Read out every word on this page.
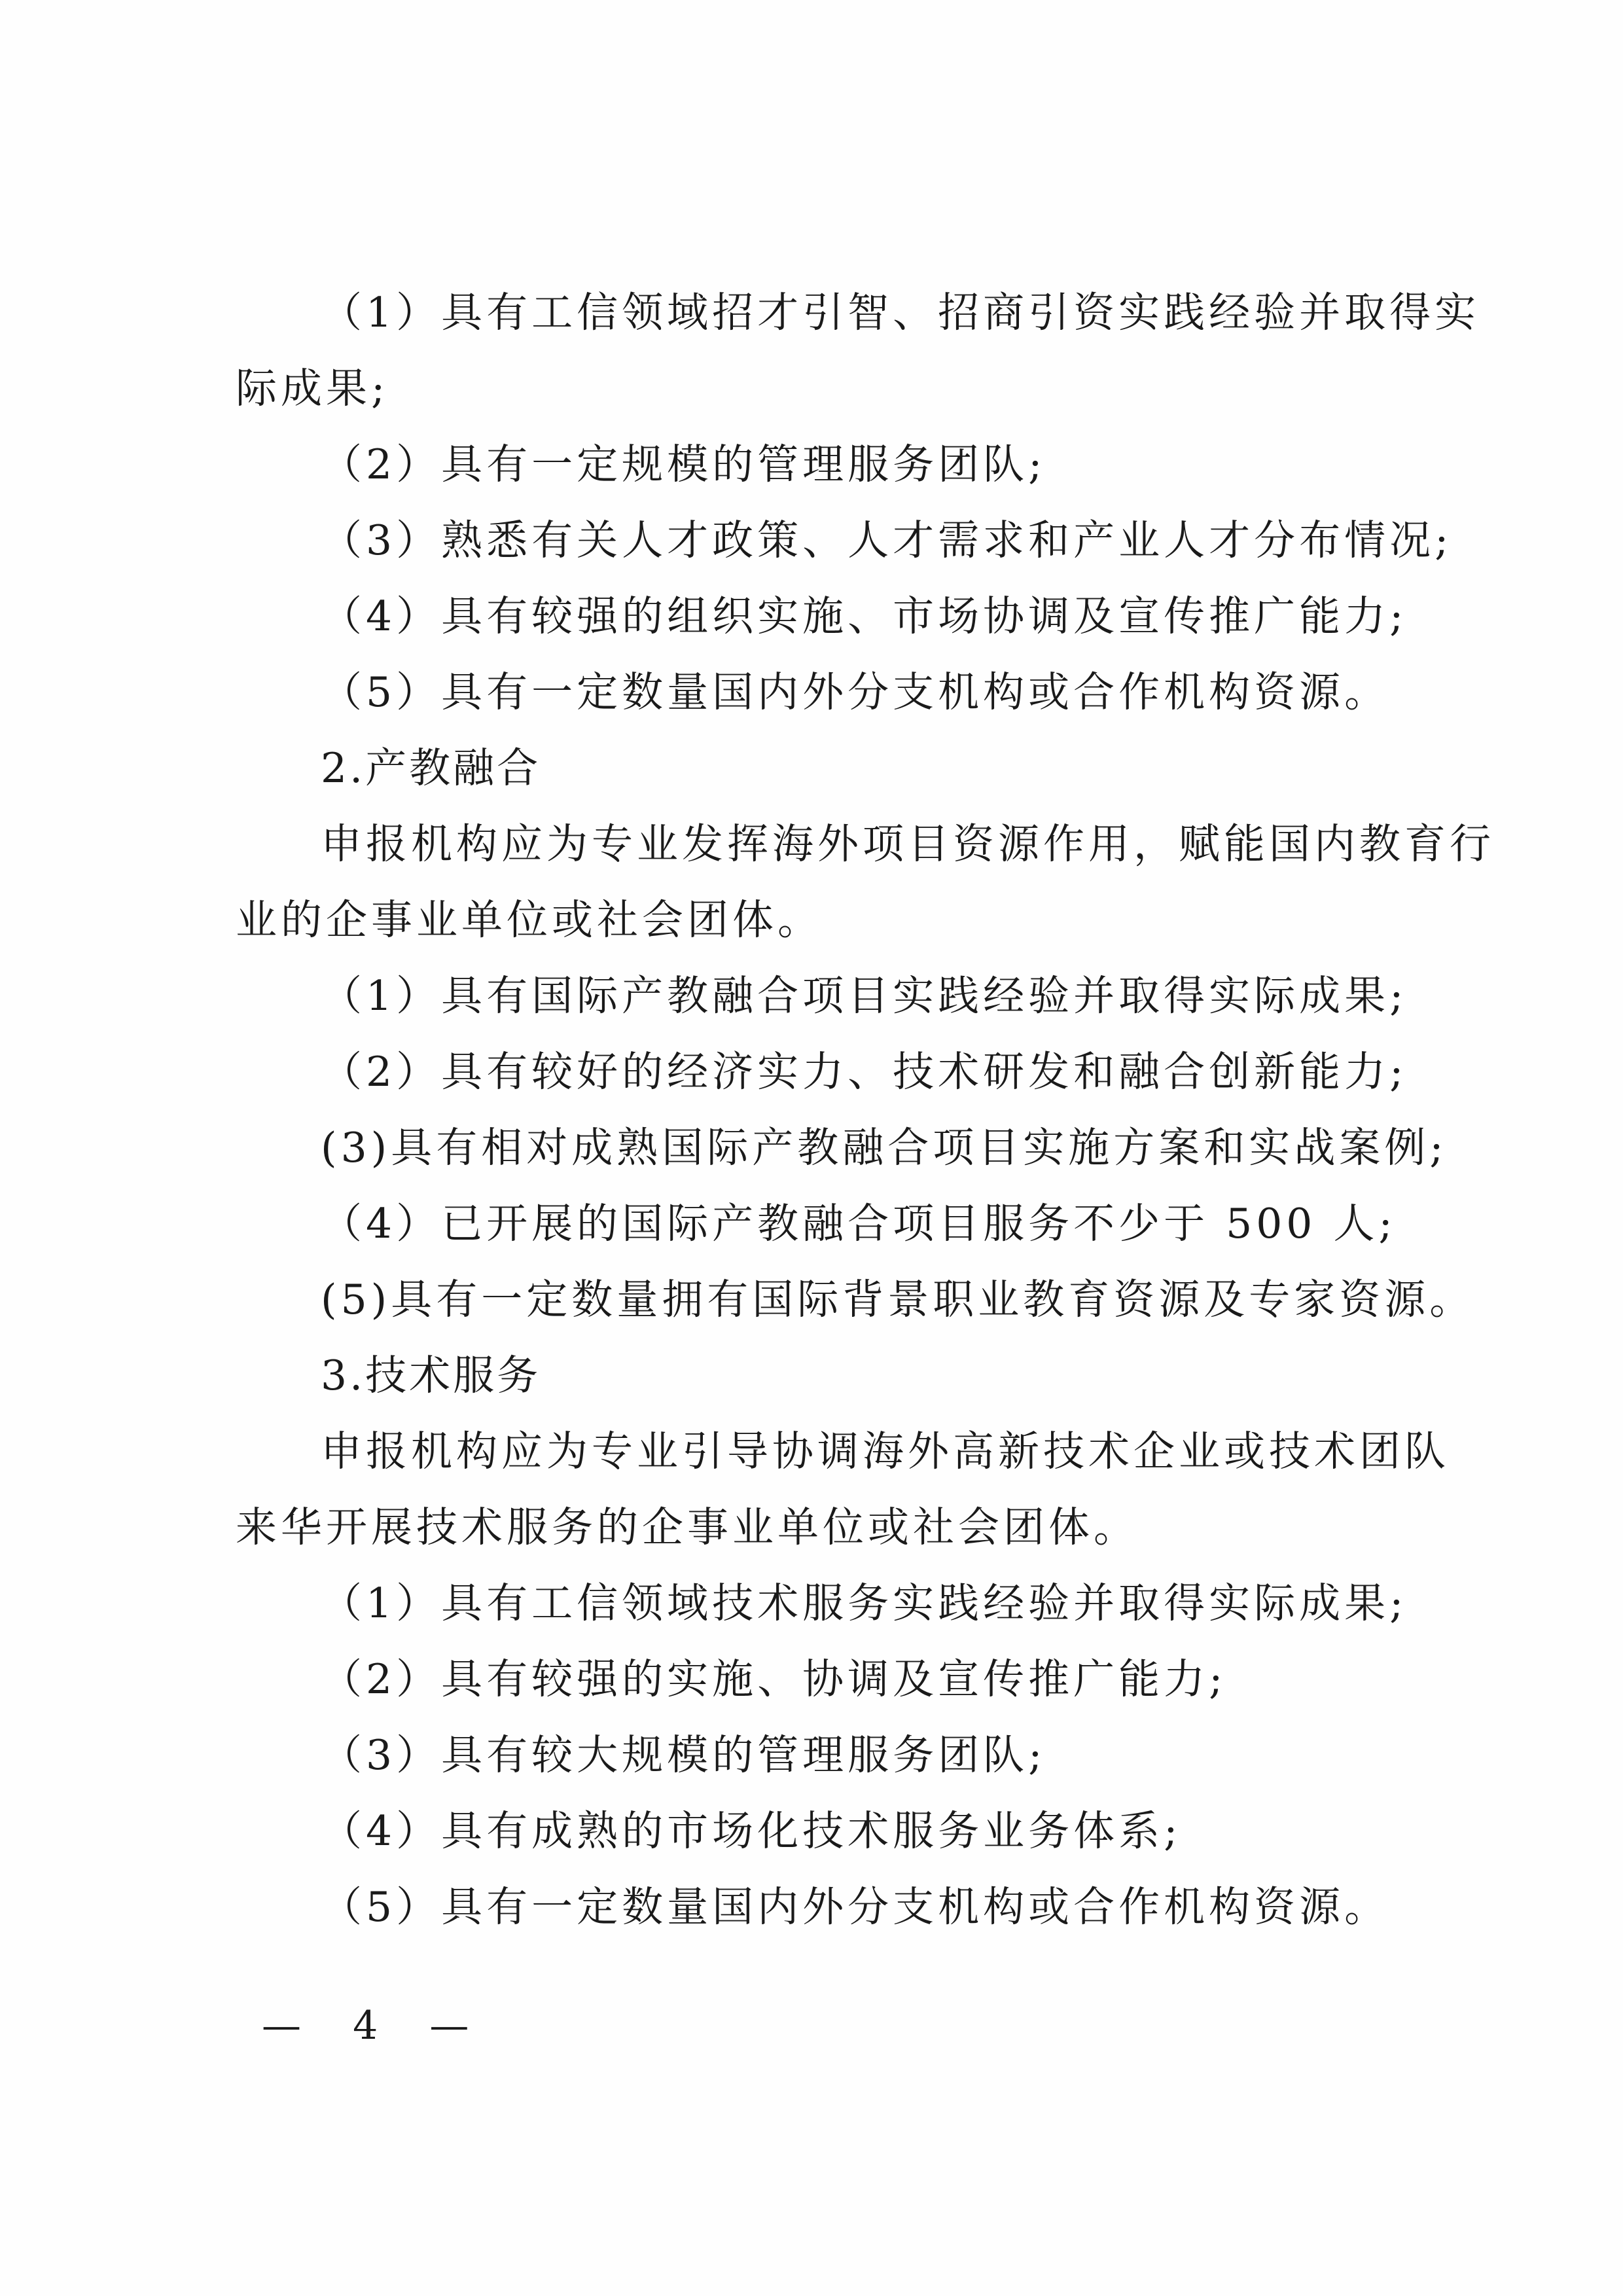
（1）具有工信领域招才引智、招商引资实践经验并取得实

际成果;

（2）具有一定规模的管理服务团队;

（3）熟悉有关人才政策、人才需求和产业人才分布情况;

（4）具有较强的组织实施、市场协调及宣传推广能力;

（5）具有一定数量国内外分支机构或合作机构资源。

2.产教融合

申报机构应为专业发挥海外项目资源作用，赋能国内教育行

业的企事业单位或社会团体。

（1）具有国际产教融合项目实践经验并取得实际成果;

（2）具有较好的经济实力、技术研发和融合创新能力;

(3)具有相对成熟国际产教融合项目实施方案和实战案例;

（4）已开展的国际产教融合项目服务不少于 500 人;

(5)具有一定数量拥有国际背景职业教育资源及专家资源。

3.技术服务

申报机构应为专业引导协调海外高新技术企业或技术团队

来华开展技术服务的企事业单位或社会团体。

（1）具有工信领域技术服务实践经验并取得实际成果;

（2）具有较强的实施、协调及宣传推广能力;

（3）具有较大规模的管理服务团队;

（4）具有成熟的市场化技术服务业务体系;

（5）具有一定数量国内外分支机构或合作机构资源。

— 4 —
